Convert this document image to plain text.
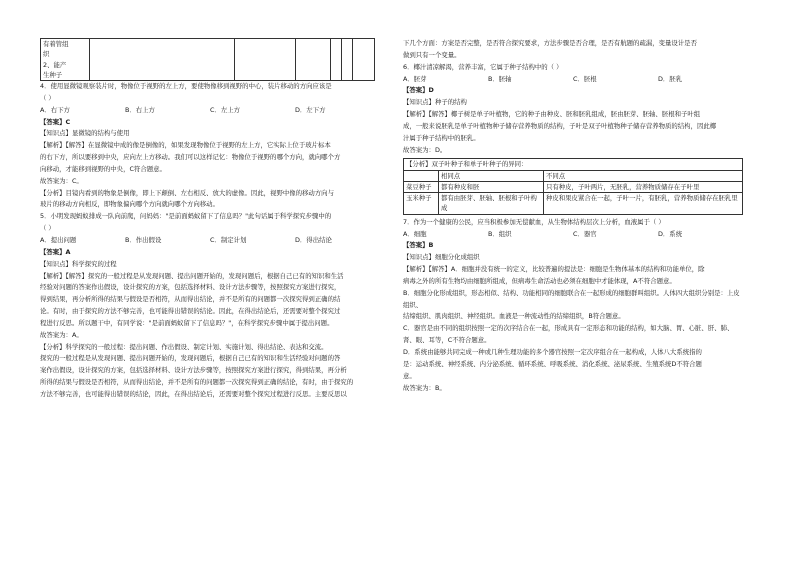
有着管组
织
2、能产
生种子

4．使用显微镜观察装片时，物像位于视野的左上方，要使物像移到视野的中心，装片移动的方向应该是

（ ）

A．右下方	B．右上方	C．左上方	D．左下方

【答案】C

【知识点】显微镜的结构与使用

【解析】【解答】在显微镜中成的像是倒像的，如果发现物像位于视野的左上方，它实际上位于玻片标本

的右下方，所以要移到中央，应向左上方移动。我们可以这样记忆：物像位于视野的哪个方向，就向哪个方

向移动，才能移到视野的中央，C符合题意。

故答案为：C。

【分析】目镜内看到的物象是倒像，即上下颠倒、左右相反、放大的虚像。因此，视野中像的移动方向与

玻片的移动方向相反，即物象偏向哪个方向就向哪个方向移动。

5．小明发现蚂蚁排成一队向前爬，问妈妈："是前面蚂蚁留下了信息吗？"此句话属于科学探究步骤中的

（ ）

A．提出问题	B．作出假设	C．制定计划	D．得出结论

【答案】A

【知识点】科学探究的过程

【解析】【解答】探究的一般过程是从发现问题、提出问题开始的，发现问题后，根据自己已有的知识和生活

经验对问题的答案作出假设，设计探究的方案，包括选择材料、设计方法步骤等，按照探究方案进行探究，

得到结果，再分析所得的结果与假设是否相符，从而得出结论，并不是所有的问题都一次探究得到正确的结

论。有时，由于探究的方法不够完善，也可能得出错误的结论。因此，在得出结论后，还需要对整个探究过

程进行反思。所以题干中，有同学说："是前面蚂蚁留下了信息吗？"，在科学探究步骤中属于提出问题。

故答案为：A。

【分析】科学探究的一般过程：提出问题、作出假设、制定计划、实施计划、得出结论、表达和交流。

探究的一般过程是从发现问题、提出问题开始的，发现问题后，根据自己已有的知识和生活经验对问题的答

案作出假设，设计探究的方案，包括选择材料、设计方法步骤等，按照探究方案进行探究，得到结果，再分析

所得的结果与假设是否相符，从而得出结论，并不是所有的问题都一次探究得到正确的结论，有时，由于探究的

方法不够完善，也可能得出错误的结论，因此，在得出结论后，还需要对整个探究过程进行反思。主要反思以

下几个方面：方案是否完整，是否符合探究要求，方法步骤是否合理，是否有航题的疏漏，变量设计是否

做到只有一个变量。

6．椰汁清凉解渴，营养丰富，它属于种子结构中的（ ）

A．胚芽	B．胚轴	C．胚根	D．胚乳

【答案】D

【知识点】种子的结构

【解析】【解答】椰子树是单子叶植物，它的种子由种皮、胚和胚乳组成，胚由胚芽、胚轴、胚根和子叶组

成，一般来说胚乳是单子叶植物种子储存营养物质的结构，子叶是双子叶植物种子储存营养物质的结构，因此椰

汁属于种子结构中的胚乳。

故答案为：D。

【分析】双子叶种子和单子叶种子的异同：		
	相同点	不同点
菜豆种子	都有种皮和胚	只有种皮，子叶两片，无胚乳，营养物质储存在子叶里
玉米种子	都有由胚芽、胚轴、胚根和子叶构成	种皮和果皮紧合在一起，子叶一片，有胚乳，营养物质储存在胚乳里

7．作为一个健康的公民，应当积极参加无偿献血，从生物体结构层次上分析，血液属于（ ）

A．细胞	B．组织	C．器官	D．系统

【答案】B

【知识点】细胞分化成组织

【解析】【解答】A．细胞并没有统一的定义，比较普遍的提法是：细胞是生物体基本的结构和功能单位，除

病毒之外的所有生物均由细胞所组成，但病毒生命活动也必须在细胞中才能体现，A不符合题意。

B．细胞分化形成组织，形态相似、结构、功能相同的细胞联合在一起形成的细胞群叫组织。人体四大组织分别是：上皮组织、

结缔组织、肌肉组织、神经组织。血液是一种流动性的结缔组织，B符合题意。

C．器官是由不同的组织按照一定的次序结合在一起，形成具有一定形态和功能的结构，如大脑、胃、心脏、肝、肺、

肾、眼、耳等，C不符合题意。

D．系统由能够共同完成一种或几种生理功能的多个器官按照一定次序组合在一起构成，人体八大系统指的

是：运动系统、神经系统、内分泌系统、循环系统、呼吸系统、消化系统、泌尿系统、生殖系统D不符合题

意。

故答案为：B。
